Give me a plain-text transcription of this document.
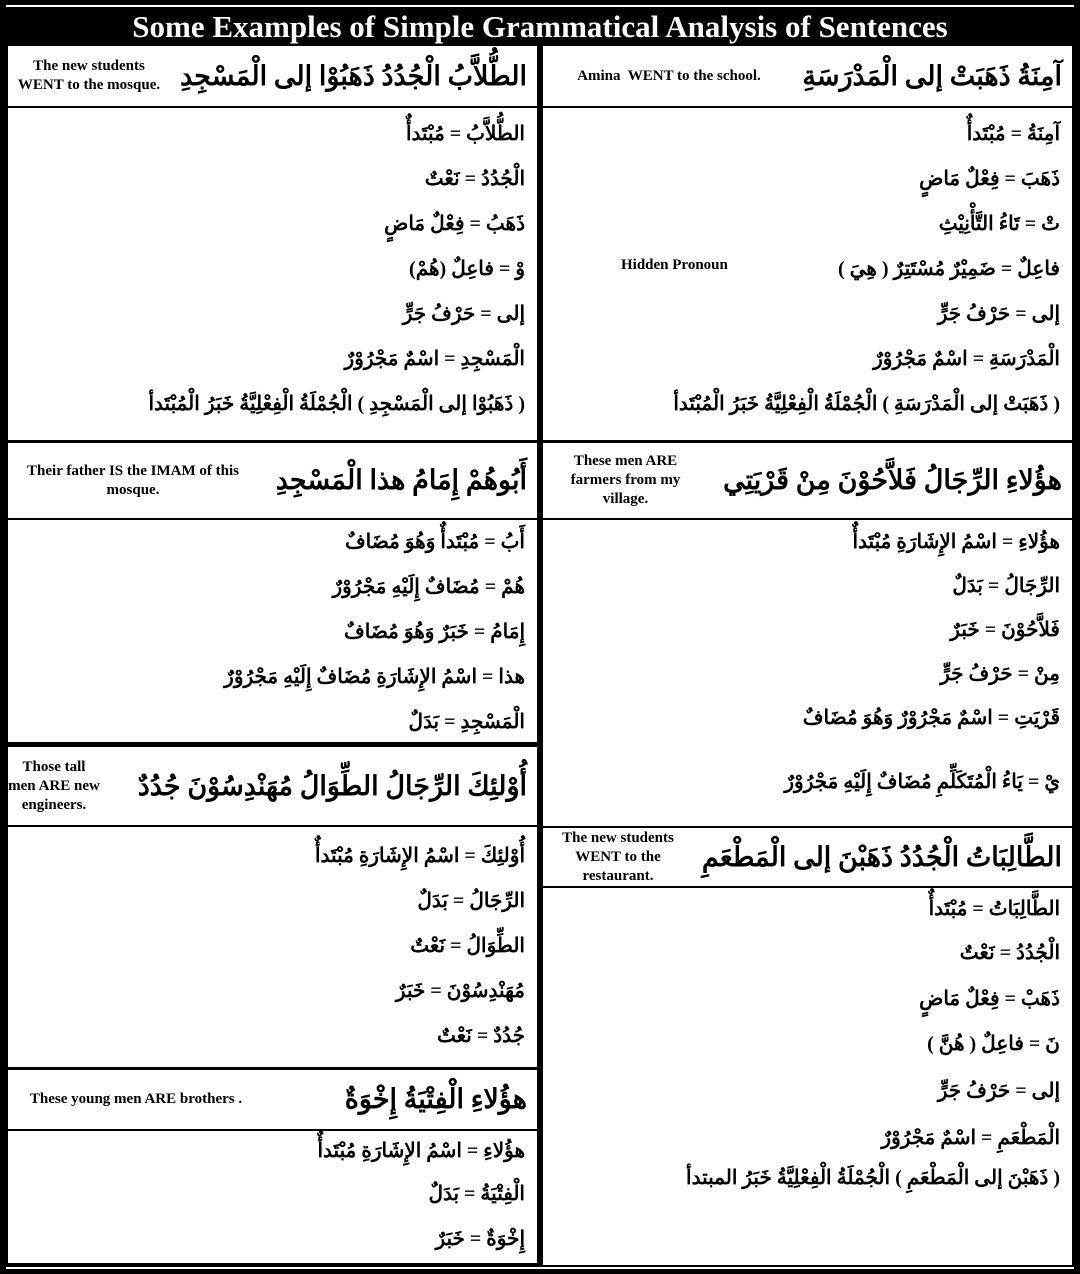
Some Examples of Simple Grammatical Analysis of Sentences
The new students WENT to the mosque. الطُّلاَّبُ الْجُدُدُ ذَهَبُوْا إلى الْمَسْجِدِ
الطُّلاَّبُ = مُبْتَدأٌ
الْجُدُدُ = نَعْتٌ
ذَهَبُ = فِعْلٌ مَاضٍ
وْ = فاعِلٌ (هُمْ)
إلى = حَرْفُ جَرٍّ
الْمَسْجِدِ = اسْمٌ مَجْرُوْرٌ
( ذَهَبُوْا إلى الْمَسْجِدِ ) الْجُمْلَةُ الْفِعْلِيَّةُ خَبَرُ الْمُبْتَدأ
Their father IS the IMAM of this mosque.	أَبُوهُمْ إِمَامُ هذا الْمَسْجِدِ
أَبُ = مُبْتَدأٌ وَهُوَ مُضَافٌ
هُمْ = مُضَافٌ إِلَيْهِ مَجْرُوْرٌ
إِمَامُ = خَبَرٌ وَهُوَ مُضَافٌ
هذا = اسْمُ الإِشَارَةِ مُضَافٌ إِلَيْهِ مَجْرُوْرٌ
الْمَسْجِدِ = بَدَلٌ
Those tall men ARE new engineers.
أُوْلئِكَ الرِّجَالُ الطِّوَالُ مُهَنْدِسُوْنَ جُدُدٌ
أُوْلئِكَ = اسْمُ الإِشَارَةِ مُبْتَدأٌ
الرِّجَالُ = بَدَلٌ
الطِّوَالُ = نَعْتٌ
مُهَنْدِسُوْنَ = خَبَرٌ
جُدُدٌ = نَعْتٌ
These young men ARE brothers .	هؤُلاءِ الْفِتْيَةُ إِخْوَةٌ
هؤُلاءِ = اسْمُ الإِشَارَةِ مُبْتَدأٌ
الْفِتْيَةُ = بَدَلٌ
إِخْوَةٌ = خَبَرٌ
Amina  WENT to the school.	آمِنَةُ ذَهَبَتْ إلى الْمَدْرَسَةِ
آمِنَةُ = مُبْتَدأٌ
ذَهَبَ = فِعْلٌ مَاضٍ
تْ = تَاءُ التَّأْنِيْثِ
فاعِلٌ = ضَمِيْرٌ مُسْتَتِرٌ ( هِيَ )
إلى = حَرْفُ جَرٍّ
الْمَدْرَسَةِ = اسْمٌ مَجْرُوْرٌ
( ذَهَبَتْ إلى الْمَدْرَسَةِ ) الْجُمْلَةُ الْفِعْلِيَّةُ خَبَرُ الْمُبْتَدأ
Hidden Pronoun
These men ARE farmers from my village.
هؤُلاءِ الرِّجَالُ فَلاَّحُوْنَ مِنْ قَرْيَتِي
هؤُلاءِ = اسْمُ الإِشَارَةِ مُبْتَدأٌ
الرِّجَالُ = بَدَلٌ
فَلاَّحُوْنَ = خَبَرٌ
مِنْ = حَرْفُ جَرٍّ
قَرْيَتِ = اسْمٌ مَجْرُوْرٌ وَهُوَ مُضَافٌ
يْ = يَاءُ الْمُتَكَلِّمِ مُضَافٌ إِلَيْهِ مَجْرُوْرٌ
The new students WENT to the restaurant.
الطَّالِبَاتُ الْجُدُدُ ذَهَبْنَ إلى الْمَطْعَمِ
الطَّالِبَاتُ = مُبْتَدأٌ
الْجُدُدُ = نَعْتٌ
ذَهَبْ = فِعْلٌ مَاضٍ
نَ = فاعِلٌ ( هُنَّ )
إلى = حَرْفُ جَرٍّ
الْمَطْعَمِ = اسْمٌ مَجْرُوْرٌ
( ذَهَبْنَ إلى الْمَطْعَمِ ) الْجُمْلَةُ الْفِعْلِيَّةُ خَبَرُ المبتدأ
